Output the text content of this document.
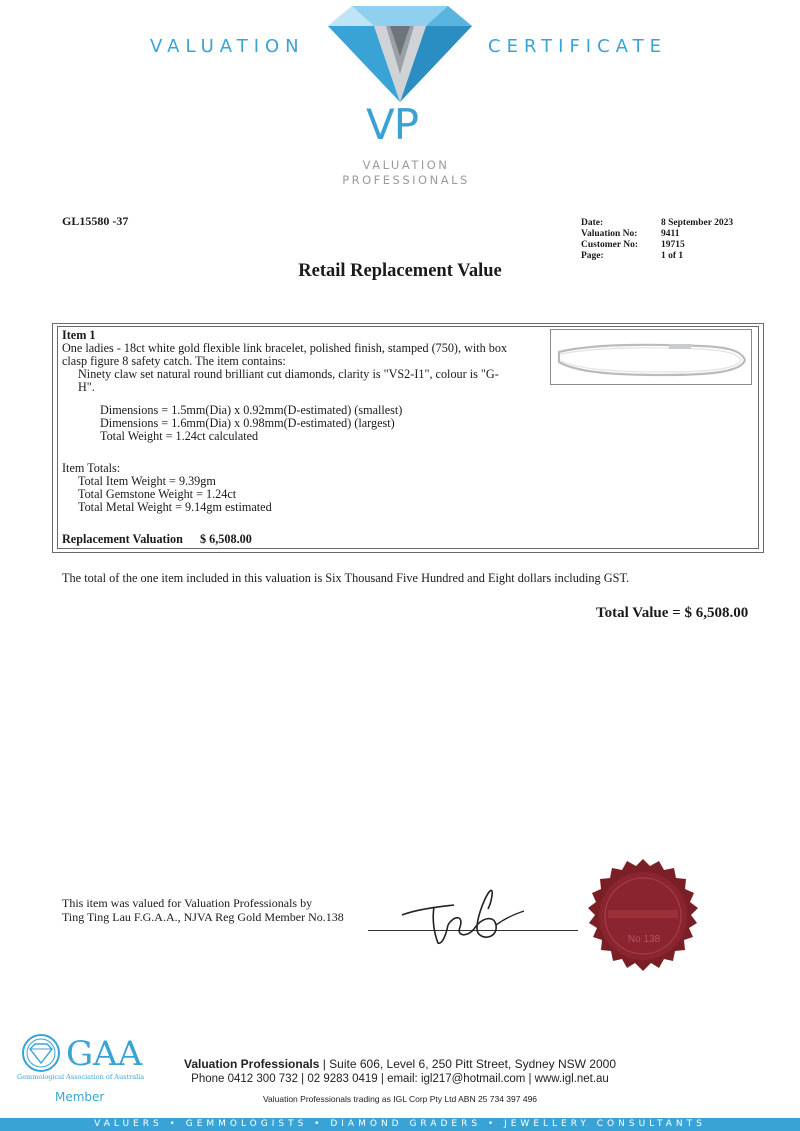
VALUATION	CERTIFICATE
VP
VALUATION
PROFESSIONALS
GL15580 -37	Date:
Valuation No:
Customer No:
Page:
8 September 2023
9411
19715
1 of 1
Retail Replacement Value
Item 1
One ladies - 18ct white gold flexible link bracelet, polished finish, stamped (750), with box
clasp figure 8 safety catch. The item contains:
Ninety claw set natural round brilliant cut diamonds, clarity is "VS2-I1", colour is "G-
H".
Dimensions = 1.5mm(Dia) x 0.92mm(D-estimated) (smallest)
Dimensions = 1.6mm(Dia) x 0.98mm(D-estimated) (largest)
Total Weight = 1.24ct calculated
Item Totals:
Total Item Weight = 9.39gm
Total Gemstone Weight = 1.24ct
Total Metal Weight = 9.14gm estimated
Replacement Valuation $ 6,508.00
The total of the one item included in this valuation is Six Thousand Five Hundred and Eight dollars including GST.
Total Value = $ 6,508.00
This item was valued for Valuation Professionals by
Ting Ting Lau F.G.A.A., NJVA Reg Gold Member No.138
No 138
GAA
Gemmological Association of Australia
Member
Valuation Professionals | Suite 606, Level 6, 250 Pitt Street, Sydney NSW 2000
Phone 0412 300 732 | 02 9283 0419 | email: igl217@hotmail.com | www.igl.net.au
Valuation Professionals trading as IGL Corp Pty Ltd ABN 25 734 397 496
VALUERS • GEMMOLOGISTS • DIAMOND GRADERS • JEWELLERY CONSULTANTS
